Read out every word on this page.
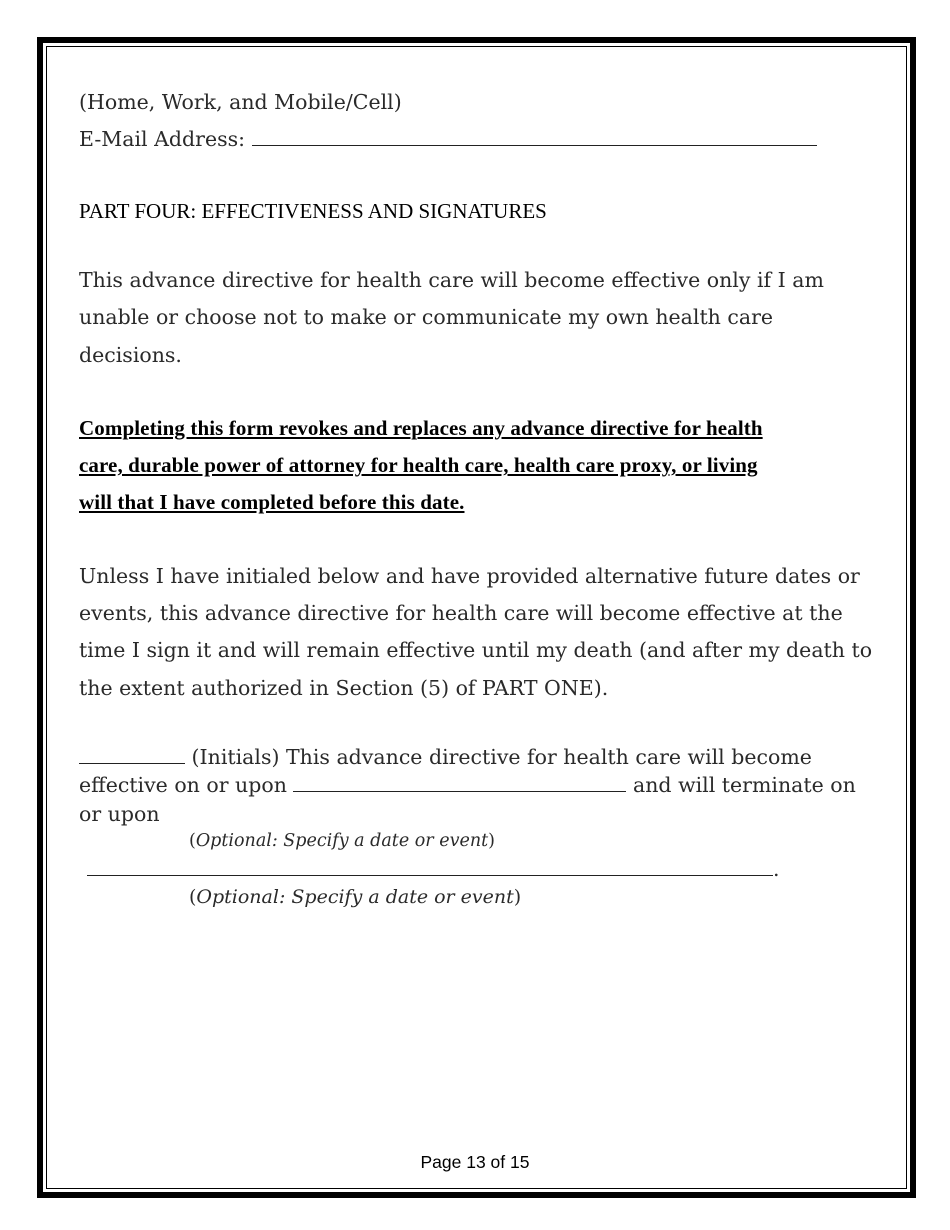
(Home, Work, and Mobile/Cell)
E-Mail Address:
PART FOUR: EFFECTIVENESS AND SIGNATURES
This advance directive for health care will become effective only if I am
unable or choose not to make or communicate my own health care
decisions.
Completing this form revokes and replaces any advance directive for health
care, durable power of attorney for health care, health care proxy, or living
will that I have completed before this date.
Unless I have initialed below and have provided alternative future dates or
events, this advance directive for health care will become effective at the
time I sign it and will remain effective until my death (and after my death to
the extent authorized in Section (5) of PART ONE).
(Initials) This advance directive for health care will become
effective on or upon	and will terminate on
or upon
(Optional: Specify a date or event)
.
(Optional: Specify a date or event)
Page 13 of 15
